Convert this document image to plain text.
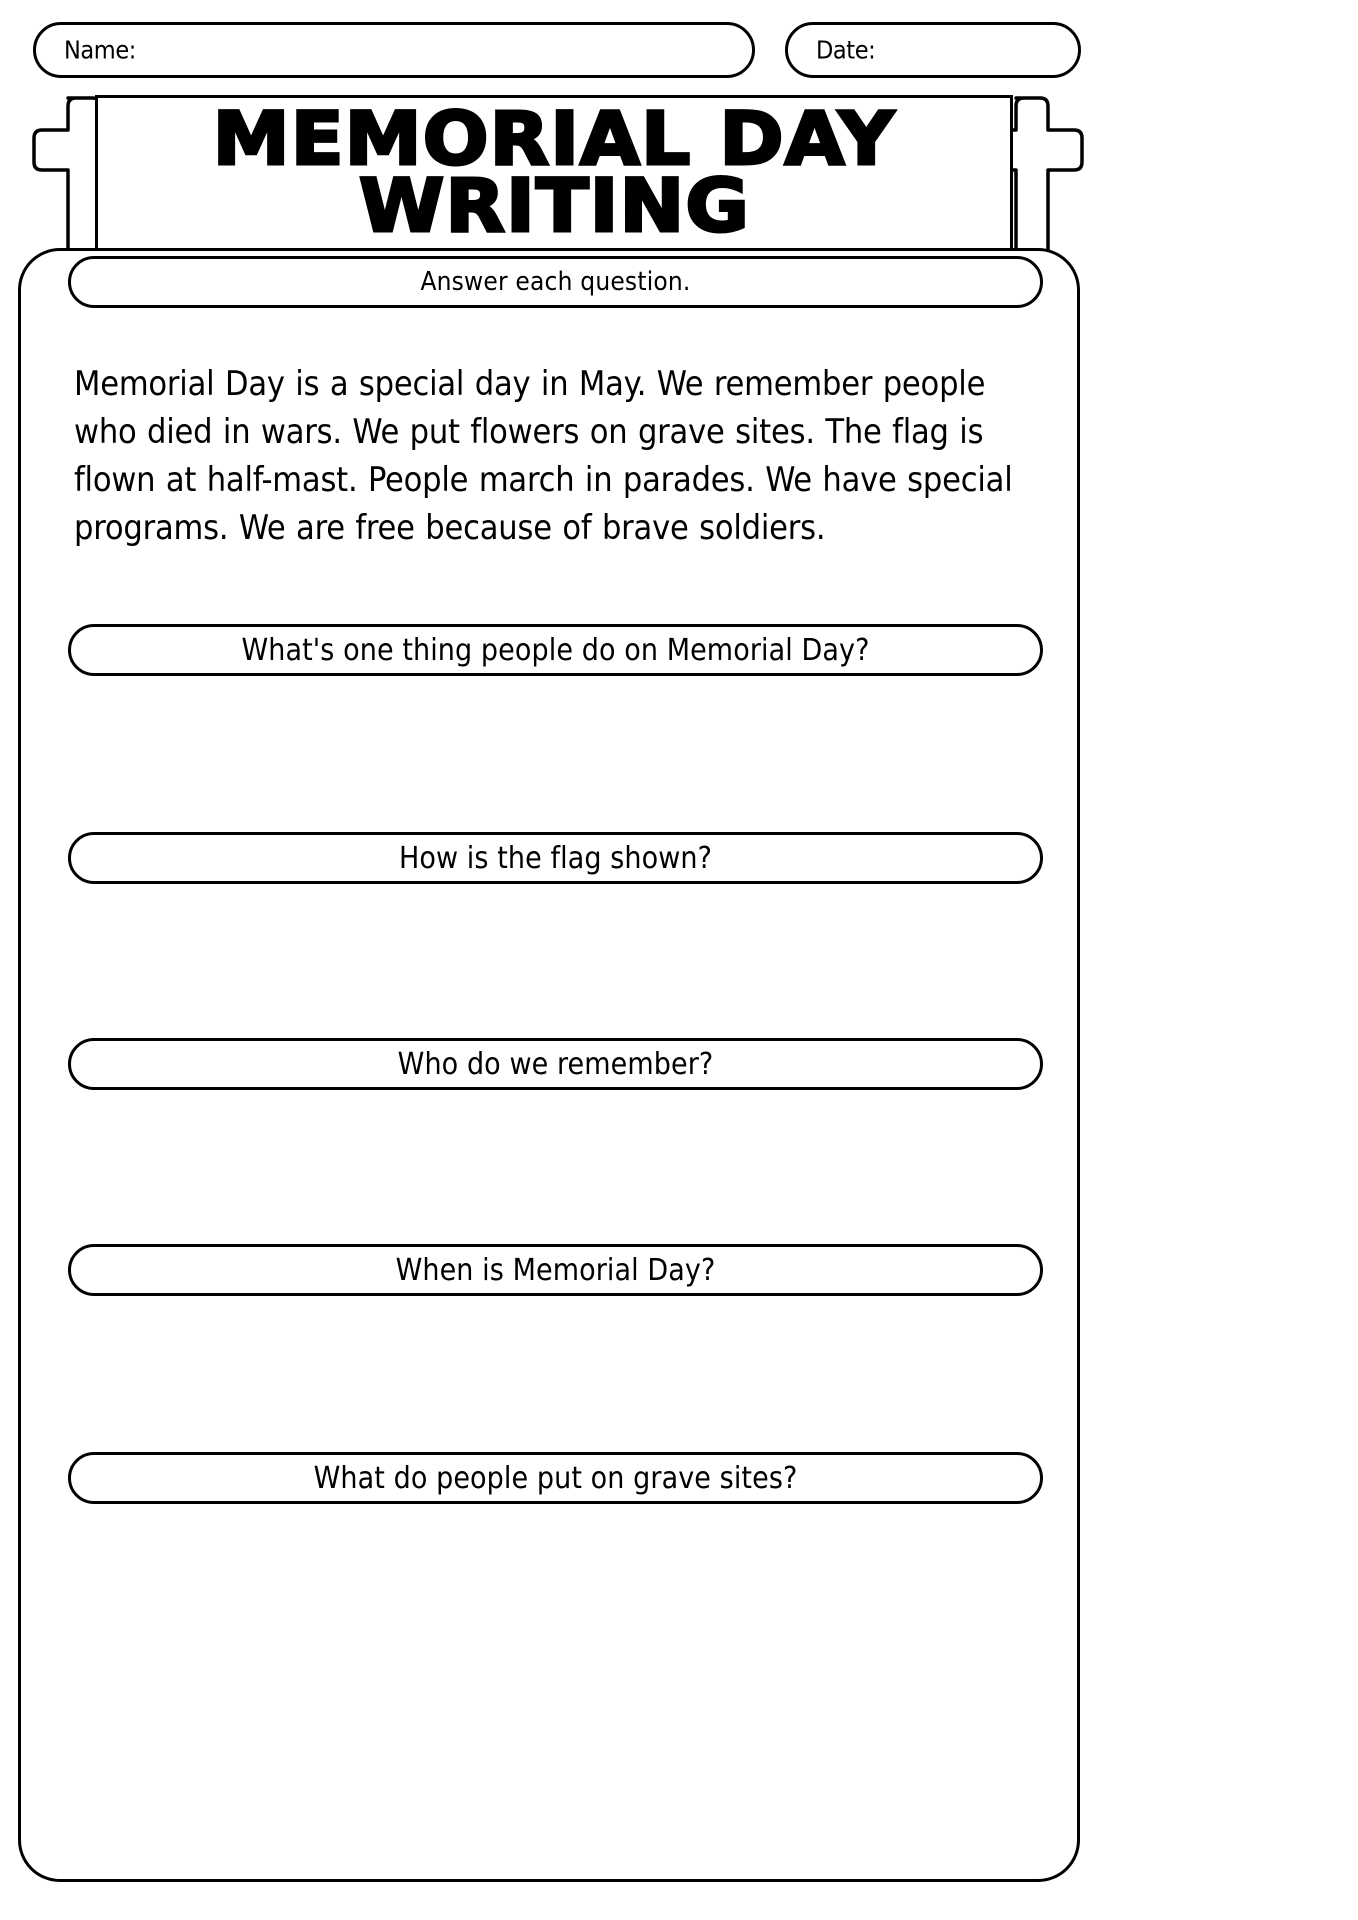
Name:	Date:
MEMORIAL DAY
WRITING
Answer each question.

Memorial Day is a special day in May. We remember people who died in wars. We put flowers on grave sites. The flag is flown at half-mast. People march in parades. We have special programs. We are free because of brave soldiers.

What's one thing people do on Memorial Day?
How is the flag shown?
Who do we remember?
When is Memorial Day?
What do people put on grave sites?
